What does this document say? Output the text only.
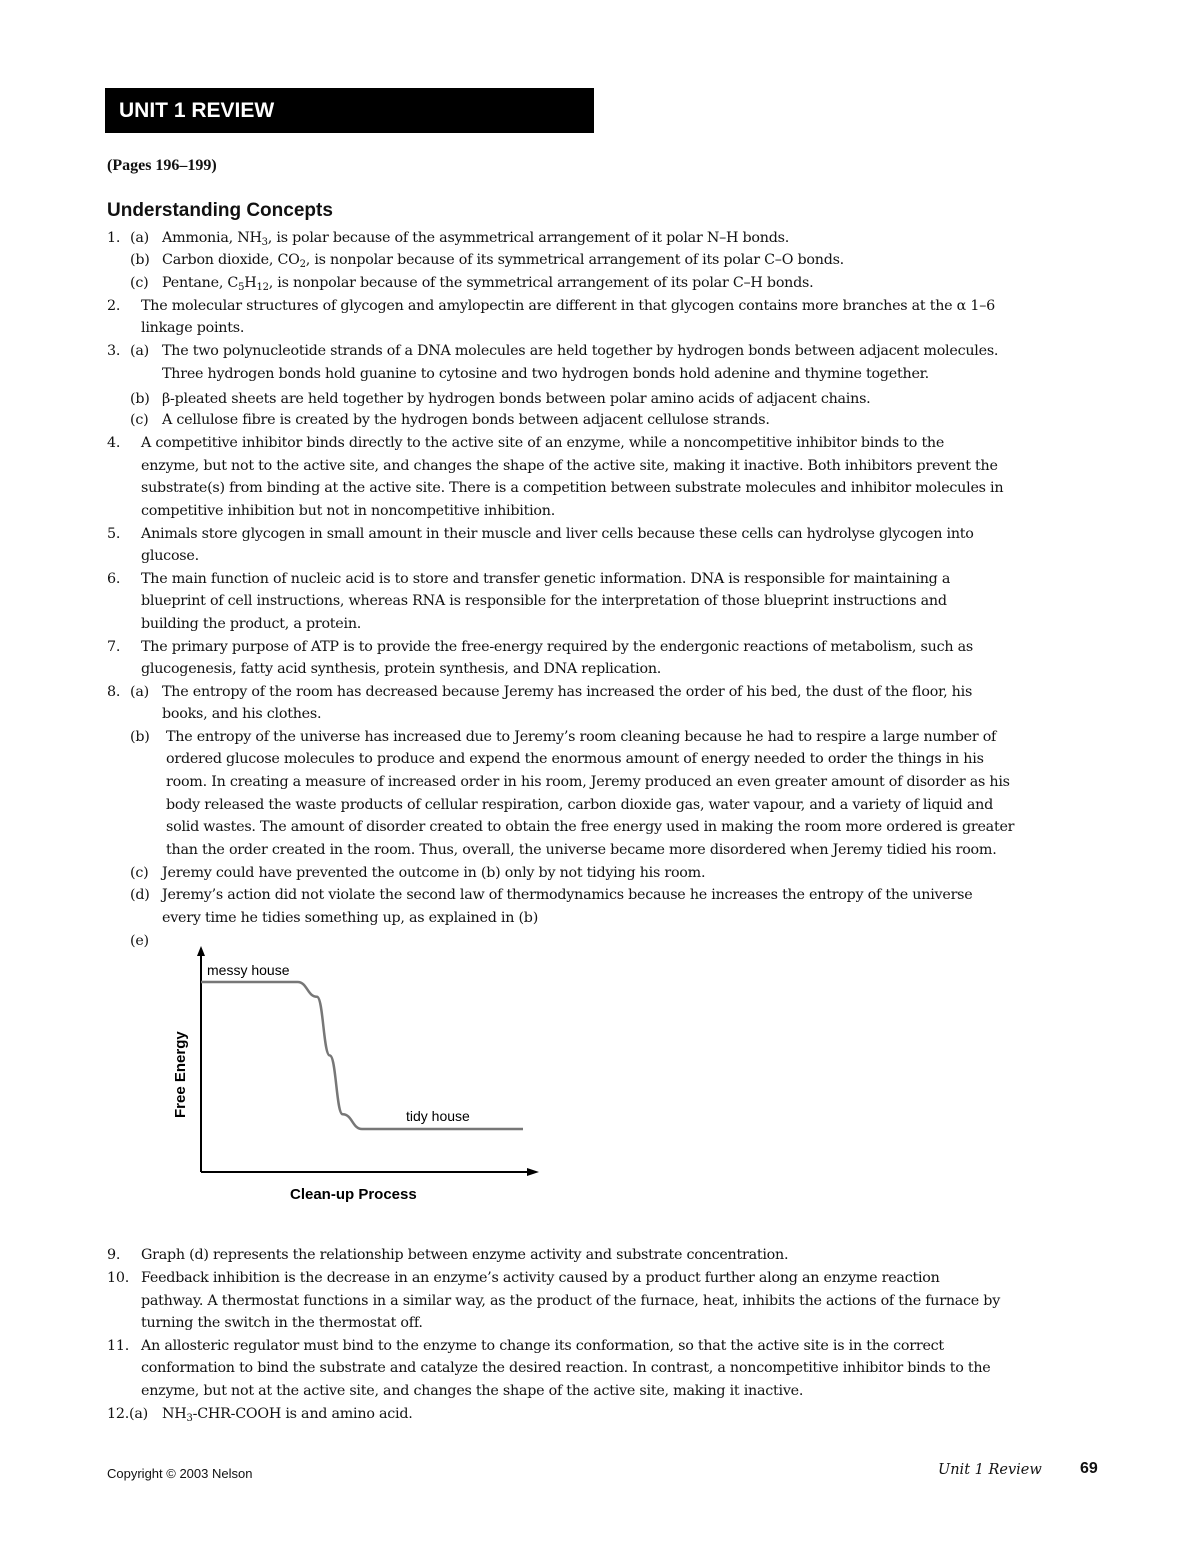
UNIT 1 REVIEW
(Pages 196–199)
Understanding Concepts
1. (a) Ammonia, $NH_3$, is polar because of the asymmetrical arrangement of it polar N–H bonds.
(b) Carbon dioxide, $CO_2$, is nonpolar because of its symmetrical arrangement of its polar C–O bonds.
(c) Pentane, $C_5H_{12}$, is nonpolar because of the symmetrical arrangement of its polar C–H bonds.
2. The molecular structures of glycogen and amylopectin are different in that glycogen contains more branches at the α 1–6
linkage points.
3. (a) The two polynucleotide strands of a DNA molecules are held together by hydrogen bonds between adjacent molecules.
Three hydrogen bonds hold guanine to cytosine and two hydrogen bonds hold adenine and thymine together.
(b) β-pleated sheets are held together by hydrogen bonds between polar amino acids of adjacent chains.
(c) A cellulose fibre is created by the hydrogen bonds between adjacent cellulose strands.
4. A competitive inhibitor binds directly to the active site of an enzyme, while a noncompetitive inhibitor binds to the
enzyme, but not to the active site, and changes the shape of the active site, making it inactive. Both inhibitors prevent the
substrate(s) from binding at the active site. There is a competition between substrate molecules and inhibitor molecules in
competitive inhibition but not in noncompetitive inhibition.
5. Animals store glycogen in small amount in their muscle and liver cells because these cells can hydrolyse glycogen into
glucose.
6. The main function of nucleic acid is to store and transfer genetic information. DNA is responsible for maintaining a
blueprint of cell instructions, whereas RNA is responsible for the interpretation of those blueprint instructions and
building the product, a protein.
7. The primary purpose of ATP is to provide the free-energy required by the endergonic reactions of metabolism, such as
glucogenesis, fatty acid synthesis, protein synthesis, and DNA replication.
8. (a) The entropy of the room has decreased because Jeremy has increased the order of his bed, the dust of the floor, his
books, and his clothes.
(b) The entropy of the universe has increased due to Jeremy’s room cleaning because he had to respire a large number of
ordered glucose molecules to produce and expend the enormous amount of energy needed to order the things in his
room. In creating a measure of increased order in his room, Jeremy produced an even greater amount of disorder as his
body released the waste products of cellular respiration, carbon dioxide gas, water vapour, and a variety of liquid and
solid wastes. The amount of disorder created to obtain the free energy used in making the room more ordered is greater
than the order created in the room. Thus, overall, the universe became more disordered when Jeremy tidied his room.
(c) Jeremy could have prevented the outcome in (b) only by not tidying his room.
(d) Jeremy’s action did not violate the second law of thermodynamics because he increases the entropy of the universe
every time he tidies something up, as explained in (b)
(e)
messy house
tidy house
Clean-up Process
Free Energy
9. Graph (d) represents the relationship between enzyme activity and substrate concentration.
10. Feedback inhibition is the decrease in an enzyme’s activity caused by a product further along an enzyme reaction
pathway. A thermostat functions in a similar way, as the product of the furnace, heat, inhibits the actions of the furnace by
turning the switch in the thermostat off.
11. An allosteric regulator must bind to the enzyme to change its conformation, so that the active site is in the correct
conformation to bind the substrate and catalyze the desired reaction. In contrast, a noncompetitive inhibitor binds to the
enzyme, but not at the active site, and changes the shape of the active site, making it inactive.
12.(a) $NH_3-CHR$-COOH is and amino acid.
Copyright © 2003 Nelson	Unit 1 Review 69
